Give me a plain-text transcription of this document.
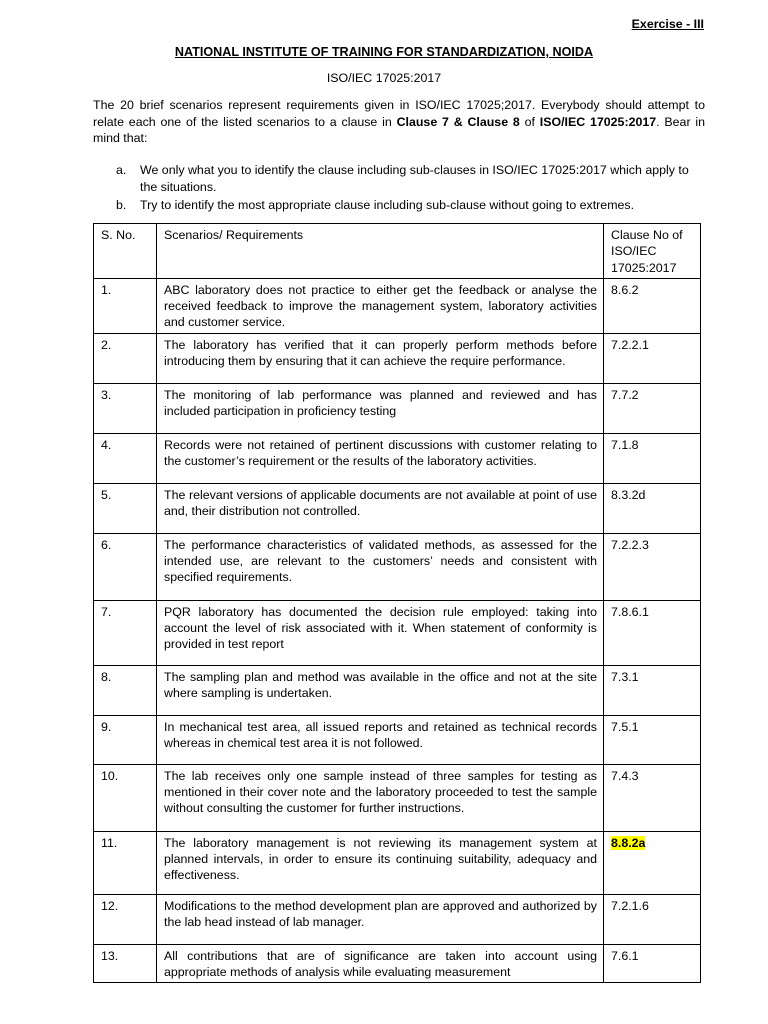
Exercise - III
NATIONAL INSTITUTE OF TRAINING FOR STANDARDIZATION, NOIDA
ISO/IEC 17025:2017
The 20 brief scenarios represent requirements given in ISO/IEC 17025;2017. Everybody should attempt to relate each one of the listed scenarios to a clause in Clause 7 & Clause 8 of ISO/IEC 17025:2017. Bear in mind that:
a. We only what you to identify the clause including sub-clauses in ISO/IEC 17025:2017 which apply to the situations.
b. Try to identify the most appropriate clause including sub-clause without going to extremes.
S. No.	Scenarios/ Requirements	Clause No of ISO/IEC 17025:2017
1.	ABC laboratory does not practice to either get the feedback or analyse the received feedback to improve the management system, laboratory activities and customer service.	8.6.2
2.	The laboratory has verified that it can properly perform methods before introducing them by ensuring that it can achieve the require performance.	7.2.2.1
3.	The monitoring of lab performance was planned and reviewed and has included participation in proficiency testing	7.7.2
4.	Records were not retained of pertinent discussions with customer relating to the customer’s requirement or the results of the laboratory activities.	7.1.8
5.	The relevant versions of applicable documents are not available at point of use and, their distribution not controlled.	8.3.2d
6.	The performance characteristics of validated methods, as assessed for the intended use, are relevant to the customers’ needs and consistent with specified requirements.	7.2.2.3
7.	PQR laboratory has documented the decision rule employed: taking into account the level of risk associated with it. When statement of conformity is provided in test report	7.8.6.1
8.	The sampling plan and method was available in the office and not at the site where sampling is undertaken.	7.3.1
9.	In mechanical test area, all issued reports and retained as technical records whereas in chemical test area it is not followed.	7.5.1
10.	The lab receives only one sample instead of three samples for testing as mentioned in their cover note and the laboratory proceeded to test the sample without consulting the customer for further instructions.	7.4.3
11.	The laboratory management is not reviewing its management system at planned intervals, in order to ensure its continuing suitability, adequacy and effectiveness.	8.8.2a
12.	Modifications to the method development plan are approved and authorized by the lab head instead of lab manager.	7.2.1.6
13.	All contributions that are of significance are taken into account using appropriate methods of analysis while evaluating measurement	7.6.1
